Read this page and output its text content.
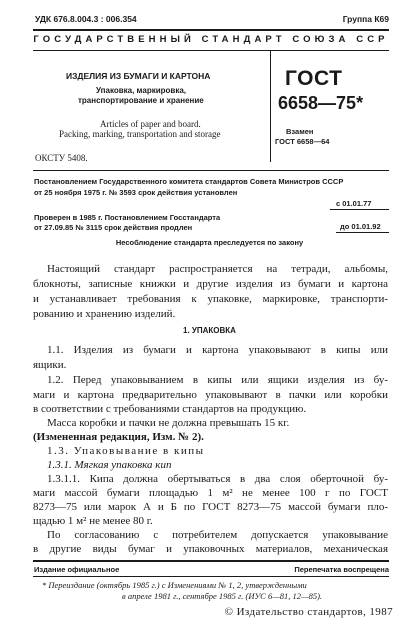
УДК 676.8.004.3 : 006.354	Группа К69
ГОСУДАРСТВЕННЫЙ СТАНДАРТ СОЮЗА ССР
ИЗДЕЛИЯ ИЗ БУМАГИ И КАРТОНА
Упаковка, маркировка,
транспортирование и хранение
Articles of paper and board.
Packing, marking, transportation and storage
ГОСТ
6658—75*
Взамен
ГОСТ 6658—64
ОКСТУ 5408.
Постановлением Государственного комитета стандартов Совета Министров СССР
от 25 ноября 1975 г. № 3593 срок действия установлен
с 01.01.77
Проверен в 1985 г. Постановлением Госстандарта
от 27.09.85 № 3115 срок действия продлен	до 01.01.92
Несоблюдение стандарта преследуется по закону
Настоящий стандарт распространяется на тетради, альбомы,
блокноты, записные книжки и другие изделия из бумаги и картона
и устанавливает требования к упаковке, маркировке, транспорти-
рованию и хранению изделий.
1. УПАКОВКА
1.1. Изделия из бумаги и картона упаковывают в кипы или
ящики.
1.2. Перед упаковыванием в кипы или ящики изделия из бу-
маги и картона предварительно упаковывают в пачки или коробки
в соответствии с требованиями стандартов на продукцию.
Масса коробки и пачки не должна превышать 15 кг.
(Измененная редакция, Изм. № 2).
1.3. Упаковывание в кипы
1.3.1. Мягкая упаковка кип
1.3.1.1. Кипа должна обертываться в два слоя оберточной бу-
маги массой бумаги площадью 1 м² не менее 100 г по ГОСТ
8273—75 или марок А и Б по ГОСТ 8273—75 массой бумаги пло-
щадью 1 м² не менее 80 г.
По согласованию с потребителем допускается упаковывание
в другие виды бумаг и упаковочных материалов, механическая
Издание официальное	Перепечатка воспрещена
* Переиздание (октябрь 1985 г.) с Изменениями № 1, 2, утвержденными
в апреле 1981 г., сентябре 1985 г. (ИУС 6—81, 12—85).
© Издательство стандартов, 1987
